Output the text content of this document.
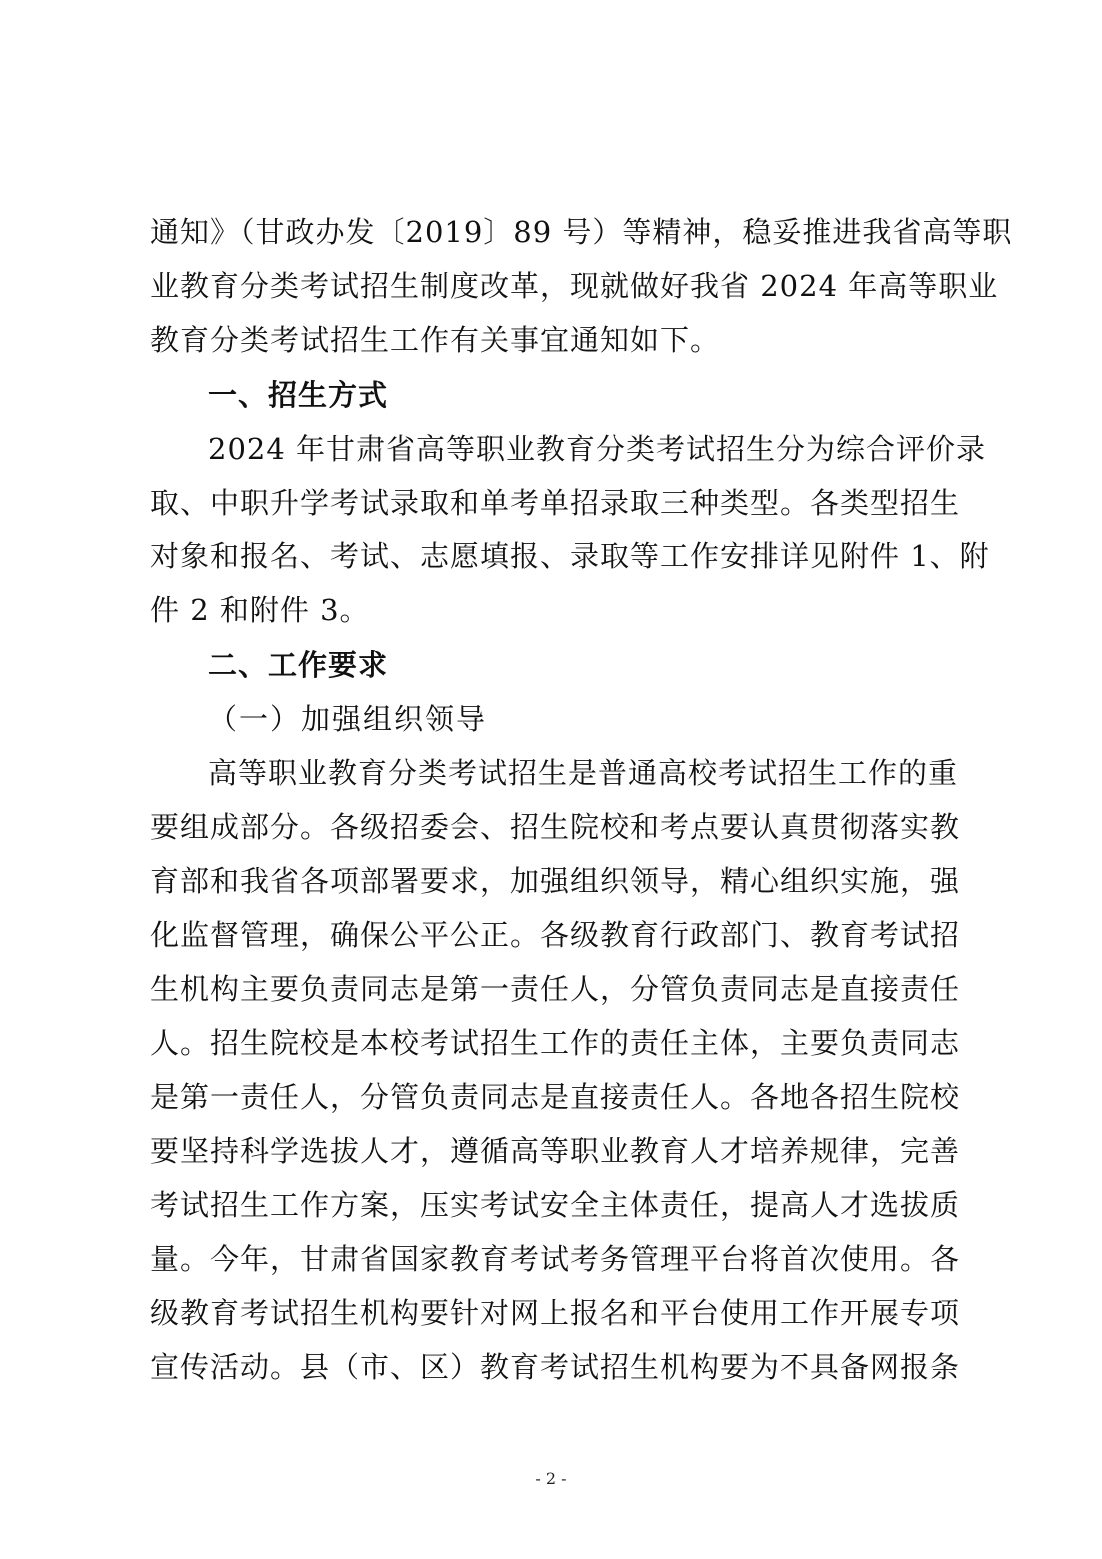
通知》（甘政办发〔2019〕89 号）等精神，稳妥推进我省高等职
业教育分类考试招生制度改革，现就做好我省 2024 年高等职业
教育分类考试招生工作有关事宜通知如下。
一、招生方式
2024 年甘肃省高等职业教育分类考试招生分为综合评价录
取、中职升学考试录取和单考单招录取三种类型。各类型招生
对象和报名、考试、志愿填报、录取等工作安排详见附件 1、附
件 2 和附件 3。
二、工作要求
（一）加强组织领导
高等职业教育分类考试招生是普通高校考试招生工作的重
要组成部分。各级招委会、招生院校和考点要认真贯彻落实教
育部和我省各项部署要求，加强组织领导，精心组织实施，强
化监督管理，确保公平公正。各级教育行政部门、教育考试招
生机构主要负责同志是第一责任人，分管负责同志是直接责任
人。招生院校是本校考试招生工作的责任主体，主要负责同志
是第一责任人，分管负责同志是直接责任人。各地各招生院校
要坚持科学选拔人才，遵循高等职业教育人才培养规律，完善
考试招生工作方案，压实考试安全主体责任，提高人才选拔质
量。今年，甘肃省国家教育考试考务管理平台将首次使用。各
级教育考试招生机构要针对网上报名和平台使用工作开展专项
宣传活动。县（市、区）教育考试招生机构要为不具备网报条
- 2 -
